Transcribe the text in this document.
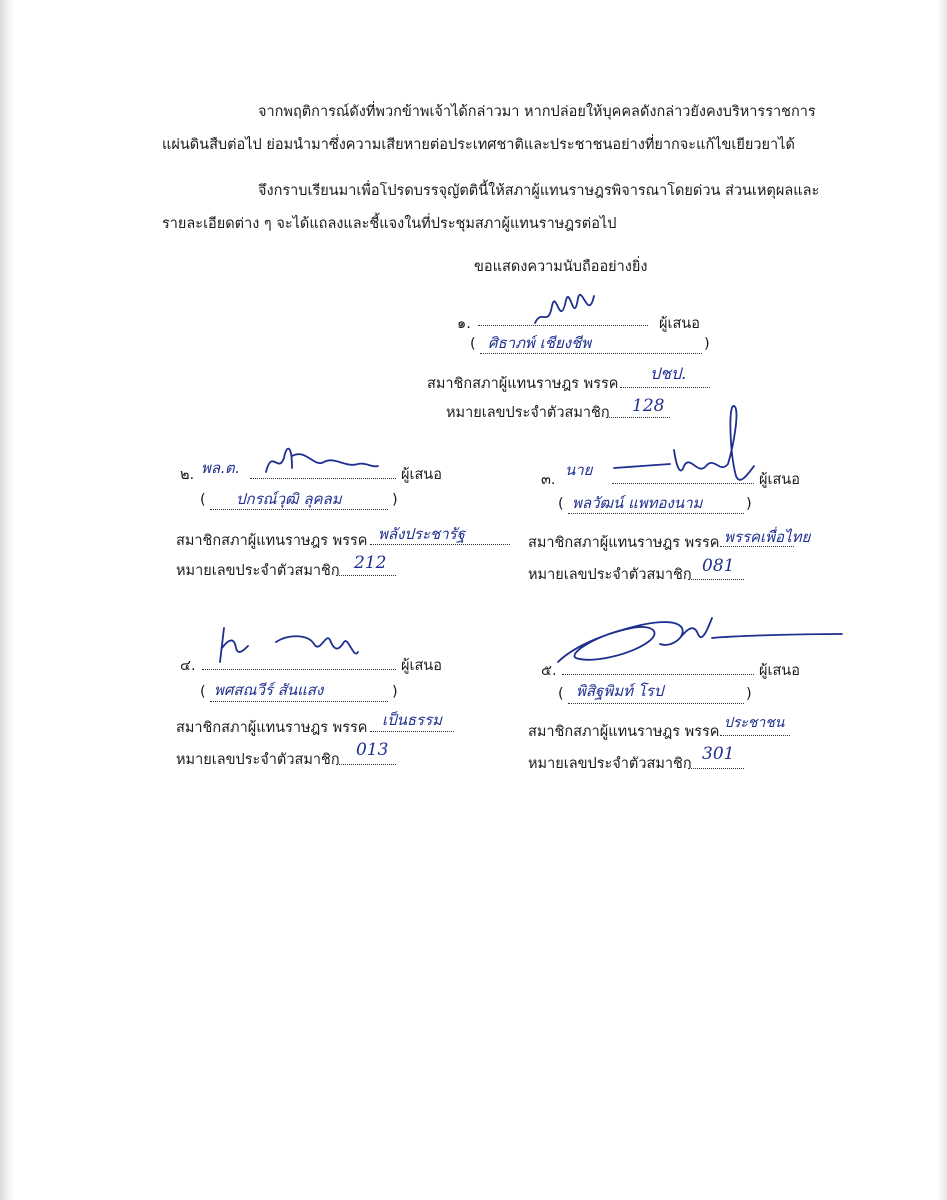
จากพฤติการณ์ดังที่พวกข้าพเจ้าได้กล่าวมา หากปล่อยให้บุคคลดังกล่าวยังคงบริหารราชการ
แผ่นดินสืบต่อไป ย่อมนำมาซึ่งความเสียหายต่อประเทศชาติและประชาชนอย่างที่ยากจะแก้ไขเยียวยาได้
จึงกราบเรียนมาเพื่อโปรดบรรจุญัตตินี้ให้สภาผู้แทนราษฎรพิจารณาโดยด่วน ส่วนเหตุผลและ
รายละเอียดต่าง ๆ จะได้แถลงและชี้แจงในที่ประชุมสภาผู้แทนราษฎรต่อไป
ขอแสดงความนับถืออย่างยิ่ง
๑.	ผู้เสนอ
( ศิธาภพ์ เชียงชีพ	)
สมาชิกสภาผู้แทนราษฎร พรรค
ปชป.
หมายเลขประจำตัวสมาชิก 128
๒. พล.ต.	ผู้เสนอ
( ปกรณ์วุฒิ ลุคลม	)
สมาชิกสภาผู้แทนราษฎร พรรค พลังประชารัฐ
หมายเลขประจำตัวสมาชิก 212
๓.
นาย
ผู้เสนอ
( พลวัฒน์ แพทองนาม	)
สมาชิกสภาผู้แทนราษฎร พรรค พรรคเพื่อไทย
หมายเลขประจำตัวสมาชิก 081
๔.	ผู้เสนอ
( พศสณวีร์ สันแสง	)
สมาชิกสภาผู้แทนราษฎร พรรค เป็นธรรม
หมายเลขประจำตัวสมาชิก 013
๕.	ผู้เสนอ
( พิสิฐพิมท์ โรป	)
สมาชิกสภาผู้แทนราษฎร พรรค
ประชาชน
หมายเลขประจำตัวสมาชิก 301
